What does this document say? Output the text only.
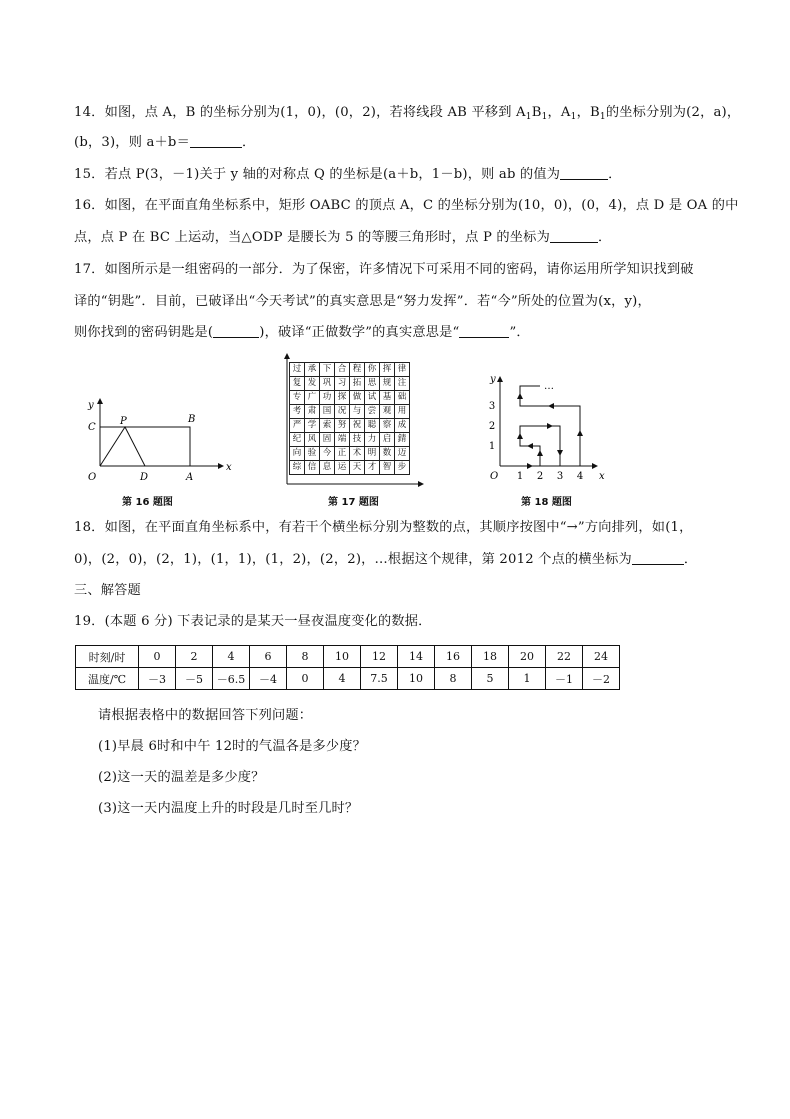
14．如图，点 A，B 的坐标分别为(1，0)，(0，2)，若将线段 AB 平移到 $A_1B_1$，$A_1$，$B_1$的坐标分别为(2，a)，
(b，3)，则 a＋b＝	．
15．若点 P(3，－1)关于 y 轴的对称点 Q 的坐标是(a＋b，1－b)，则 ab 的值为	．
16．如图，在平面直角坐标系中，矩形 OABC 的顶点 A，C 的坐标分别为(10，0)，(0，4)，点 D 是 OA 的中
点，点 P 在 BC 上运动，当△ODP 是腰长为 5 的等腰三角形时，点 P 的坐标为	．
17．如图所示是一组密码的一部分．为了保密，许多情况下可采用不同的密码，请你运用所学知识找到破
译的“钥匙”．目前，已破译出“今天考试”的真实意思是“努力发挥”．若“今”所处的位置为(x，y)，
则你找到的密码钥匙是(	)，破译“正做数学”的真实意思是“	”．
y
x
C
P	B
O	D	A
第 16 题图
过	承	下	合	程	你	挥	律
复	发	巩	习	拓	思	规	注
专	广	功	探	做	试	基	础
考	肃	国	况	与	尝	观	用
严	学	索	努	祝	聪	察	成
纪	风	固	端	技	力	启	錆
向	验	今	正	术	明	数	迈
综	信	息	运	天	才	智	步
第 17 题图
y
x
O 1 2 3 4
1
2
3
…
第 18 题图
18．如图，在平面直角坐标系中，有若干个横坐标分别为整数的点，其顺序按图中“→”方向排列，如(1，
0)，(2，0)，(2，1)，(1，1)，(1，2)，(2，2)，…根据这个规律，第 2012 个点的横坐标为	．
三、解答题
19．(本题 6 分) 下表记录的是某天一昼夜温度变化的数据．
时刻/时	0	2	4	6	8	10	12	14	16	18	20	22	24
温度/℃	－3	－5	－6.5	－4	0	4	7.5	10	8	5	1	－1	－2
请根据表格中的数据回答下列问题：
(1)早晨 6时和中午 12时的气温各是多少度？
(2)这一天的温差是多少度？
(3)这一天内温度上升的时段是几时至几时？
